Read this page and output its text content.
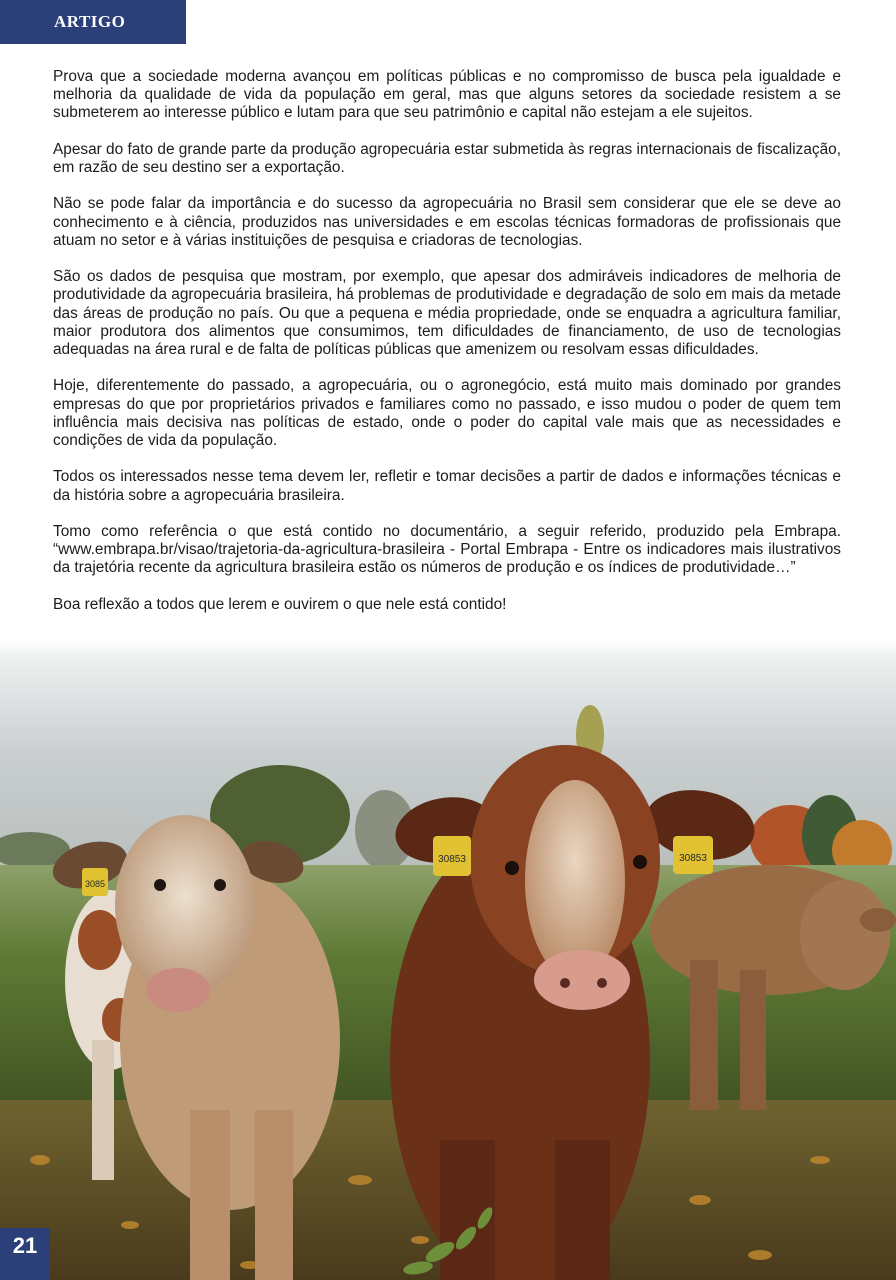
ARTIGO

Prova que a sociedade moderna avançou em políticas públicas e no compromisso de busca pela igualdade e melhoria da qualidade de vida da população em geral, mas que alguns setores da sociedade resistem a se submeterem ao interesse público e lutam para que seu patrimônio e capital não estejam a ele sujeitos.

Apesar do fato de grande parte da produção agropecuária estar submetida às regras internacionais de fiscalização, em razão de seu destino ser a exportação.

Não se pode falar da importância e do sucesso da agropecuária no Brasil sem considerar que ele se deve ao conhecimento e à ciência, produzidos nas universidades e em escolas técnicas formadoras de profissionais que atuam no setor e à várias instituições de pesquisa e criadoras de tecnologias.

São os dados de pesquisa que mostram, por exemplo, que apesar dos admiráveis indicadores de melhoria de produtividade da agropecuária brasileira, há problemas de produtividade e degradação de solo em mais da metade das áreas de produção no país. Ou que a pequena e média propriedade, onde se enquadra a agricultura familiar, maior produtora dos alimentos que consumimos, tem dificuldades de financiamento, de uso de tecnologias adequadas na área rural e de falta de políticas públicas que amenizem ou resolvam essas dificuldades.

Hoje, diferentemente do passado, a agropecuária, ou o agronegócio, está muito mais dominado por grandes empresas do que por proprietários privados e familiares como no passado, e isso mudou o poder de quem tem influência mais decisiva nas políticas de estado, onde o poder do capital vale mais que as necessidades e condições de vida da população.

Todos os interessados nesse tema devem ler, refletir e tomar decisões a partir de dados e informações técnicas e da história sobre a agropecuária brasileira.

Tomo como referência o que está contido no documentário, a seguir referido, produzido pela Embrapa. “www.embrapa.br/visao/trajetoria-da-agricultura-brasileira - Portal Embrapa - Entre os indicadores mais ilustrativos da trajetória recente da agricultura brasileira estão os números de produção e os índices de produtividade…”

Boa reflexão a todos que lerem e ouvirem o que nele está contido!

3085
30853	30853
21
